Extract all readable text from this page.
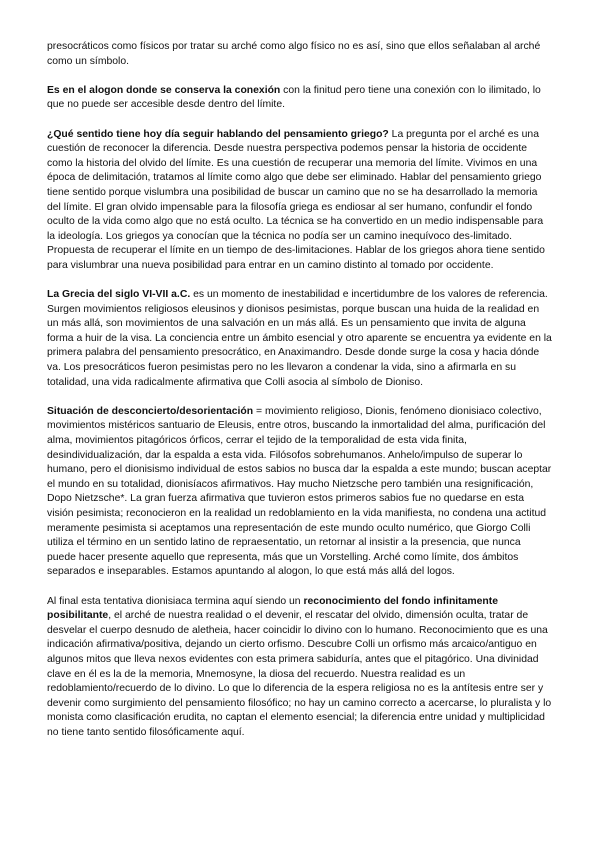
presocráticos como físicos por tratar su arché como algo físico no es así, sino que ellos señalaban al arché como un símbolo.

Es en el alogon donde se conserva la conexión con la finitud pero tiene una conexión con lo ilimitado, lo que no puede ser accesible desde dentro del límite.

¿Qué sentido tiene hoy día seguir hablando del pensamiento griego? La pregunta por el arché es una cuestión de reconocer la diferencia. Desde nuestra perspectiva podemos pensar la historia de occidente como la historia del olvido del límite. Es una cuestión de recuperar una memoria del límite. Vivimos en una época de delimitación, tratamos al límite como algo que debe ser eliminado. Hablar del pensamiento griego tiene sentido porque vislumbra una posibilidad de buscar un camino que no se ha desarrollado la memoria del límite. El gran olvido impensable para la filosofía griega es endiosar al ser humano, confundir el fondo oculto de la vida como algo que no está oculto. La técnica se ha convertido en un medio indispensable para la ideología. Los griegos ya conocían que la técnica no podía ser un camino inequívoco des-limitado. Propuesta de recuperar el límite en un tiempo de des-limitaciones. Hablar de los griegos ahora tiene sentido para vislumbrar una nueva posibilidad para entrar en un camino distinto al tomado por occidente.

La Grecia del siglo VI-VII a.C. es un momento de inestabilidad e incertidumbre de los valores de referencia. Surgen movimientos religiosos eleusinos y dionisos pesimistas, porque buscan una huida de la realidad en un más allá, son movimientos de una salvación en un más allá. Es un pensamiento que invita de alguna forma a huir de la visa. La conciencia entre un ámbito esencial y otro aparente se encuentra ya evidente en la primera palabra del pensamiento presocrático, en Anaximandro. Desde donde surge la cosa y hacia dónde va. Los presocráticos fueron pesimistas pero no les llevaron a condenar la vida, sino a afirmarla en su totalidad, una vida radicalmente afirmativa que Colli asocia al símbolo de Dioniso.

Situación de desconcierto/desorientación = movimiento religioso, Dionis, fenómeno dionisiaco colectivo, movimientos mistéricos santuario de Eleusis, entre otros, buscando la inmortalidad del alma, purificación del alma, movimientos pitagóricos órficos, cerrar el tejido de la temporalidad de esta vida finita, desindividualización, dar la espalda a esta vida. Filósofos sobrehumanos. Anhelo/impulso de superar lo humano, pero el dionisismo individual de estos sabios no busca dar la espalda a este mundo; buscan aceptar el mundo en su totalidad, dionisíacos afirmativos. Hay mucho Nietzsche pero también una resignificación, Dopo Nietzsche*. La gran fuerza afirmativa que tuvieron estos primeros sabios fue no quedarse en esta visión pesimista; reconocieron en la realidad un redoblamiento en la vida manifiesta, no condena una actitud meramente pesimista si aceptamos una representación de este mundo oculto numérico, que Giorgo Colli utiliza el término en un sentido latino de repraesentatio, un retornar al insistir a la presencia, que nunca puede hacer presente aquello que representa, más que un Vorstelling. Arché como límite, dos ámbitos separados e inseparables. Estamos apuntando al alogon, lo que está más allá del logos.

Al final esta tentativa dionisiaca termina aquí siendo un reconocimiento del fondo infinitamente posibilitante, el arché de nuestra realidad o el devenir, el rescatar del olvido, dimensión oculta, tratar de desvelar el cuerpo desnudo de aletheia, hacer coincidir lo divino con lo humano. Reconocimiento que es una indicación afirmativa/positiva, dejando un cierto orfismo. Descubre Colli un orfismo más arcaico/antiguo en algunos mitos que lleva nexos evidentes con esta primera sabiduría, antes que el pitagórico. Una divinidad clave en él es la de la memoria, Mnemosyne, la diosa del recuerdo. Nuestra realidad es un redoblamiento/recuerdo de lo divino. Lo que lo diferencia de la espera religiosa no es la antítesis entre ser y devenir como surgimiento del pensamiento filosófico; no hay un camino correcto a acercarse, lo pluralista y lo monista como clasificación erudita, no captan el elemento esencial; la diferencia entre unidad y multiplicidad no tiene tanto sentido filosóficamente aquí.
